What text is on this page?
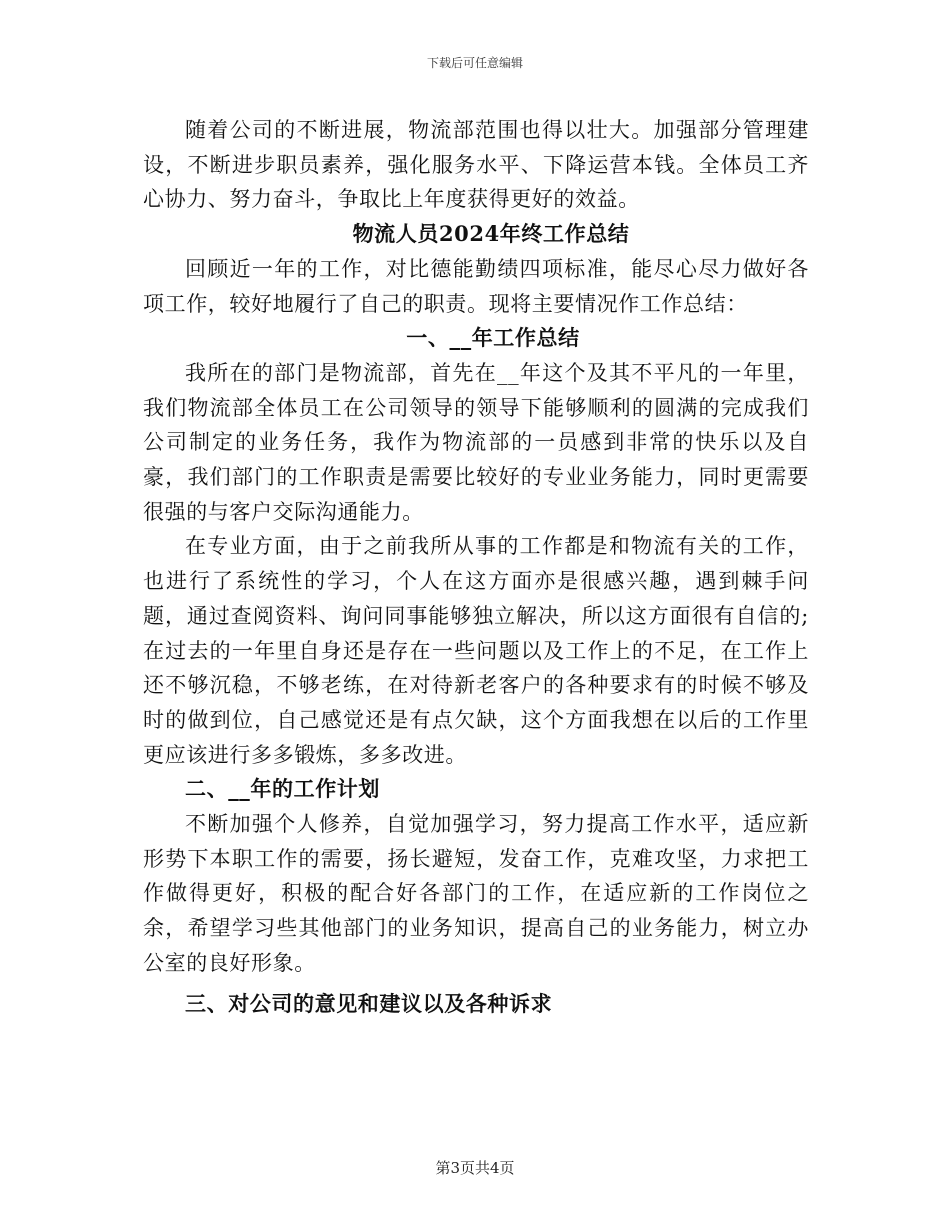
下载后可任意编辑

随着公司的不断进展，物流部范围也得以壮大。加强部分管理建设，不断进步职员素养，强化服务水平、下降运营本钱。全体员工齐心协力、努力奋斗，争取比上年度获得更好的效益。

物流人员2024年终工作总结

回顾近一年的工作，对比德能勤绩四项标准，能尽心尽力做好各项工作，较好地履行了自己的职责。现将主要情况作工作总结：

一、__年工作总结

我所在的部门是物流部，首先在__年这个及其不平凡的一年里，我们物流部全体员工在公司领导的领导下能够顺利的圆满的完成我们公司制定的业务任务，我作为物流部的一员感到非常的快乐以及自豪，我们部门的工作职责是需要比较好的专业业务能力，同时更需要很强的与客户交际沟通能力。

在专业方面，由于之前我所从事的工作都是和物流有关的工作，也进行了系统性的学习，个人在这方面亦是很感兴趣，遇到棘手问题，通过查阅资料、询问同事能够独立解决，所以这方面很有自信的;在过去的一年里自身还是存在一些问题以及工作上的不足，在工作上还不够沉稳，不够老练，在对待新老客户的各种要求有的时候不够及时的做到位，自己感觉还是有点欠缺，这个方面我想在以后的工作里更应该进行多多锻炼，多多改进。

二、__年的工作计划

不断加强个人修养，自觉加强学习，努力提高工作水平，适应新形势下本职工作的需要，扬长避短，发奋工作，克难攻坚，力求把工作做得更好，积极的配合好各部门的工作，在适应新的工作岗位之余，希望学习些其他部门的业务知识，提高自己的业务能力，树立办公室的良好形象。

三、对公司的意见和建议以及各种诉求

第3页共4页
